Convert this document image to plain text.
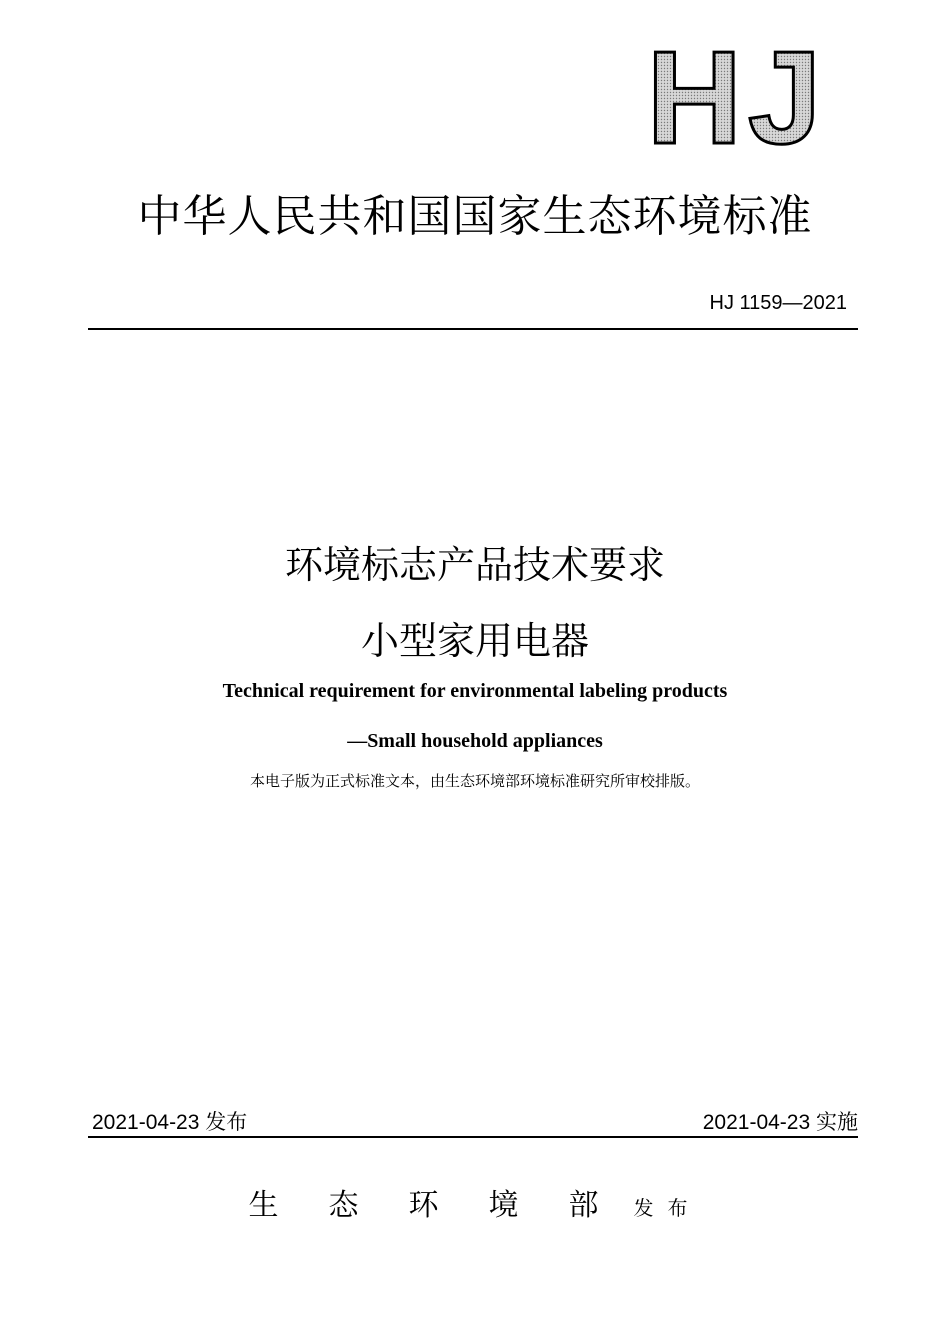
HJ
中华人民共和国国家生态环境标准
HJ 1159—2021
环境标志产品技术要求
小型家用电器
Technical requirement for environmental labeling products
—Small household appliances
本电子版为正式标准文本，由生态环境部环境标准研究所审校排版。
2021-04-23 发布	2021-04-23 实施
生态环境部 发布
